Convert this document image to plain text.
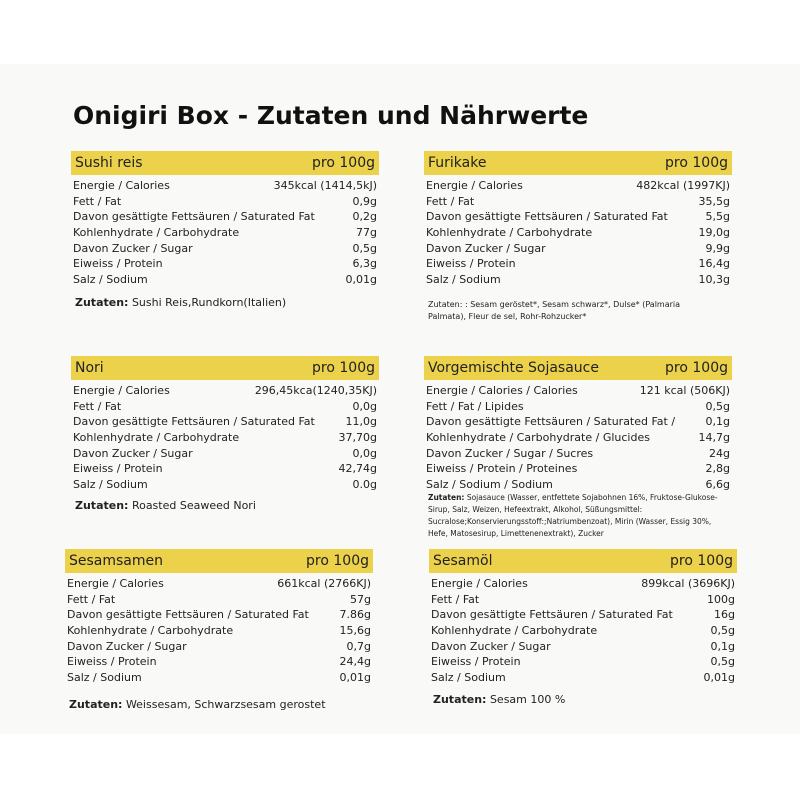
Onigiri Box - Zutaten und Nährwerte
Sushi reis	pro 100g
Energie / Calories	345kcal (1414,5kJ)
Fett / Fat	0,9g
Davon gesättigte Fettsäuren / Saturated Fat	0,2g
Kohlenhydrate / Carbohydrate	77g
Davon Zucker / Sugar	0,5g
Eiweiss / Protein	6,3g
Salz / Sodium	0,01g
Zutaten: Sushi Reis,Rundkorn(Italien)
Furikake	pro 100g
Energie / Calories	482kcal (1997KJ)
Fett / Fat	35,5g
Davon gesättigte Fettsäuren / Saturated Fat	5,5g
Kohlenhydrate / Carbohydrate	19,0g
Davon Zucker / Sugar	9,9g
Eiweiss / Protein	16,4g
Salz / Sodium	10,3g
Zutaten: : Sesam geröstet*, Sesam schwarz*, Dulse* (Palmaria Palmata), Fleur de sel, Rohr-Rohzucker*
Nori	pro 100g
Energie / Calories	296,45kca(1240,35KJ)
Fett / Fat	0,0g
Davon gesättigte Fettsäuren / Saturated Fat	11,0g
Kohlenhydrate / Carbohydrate	37,70g
Davon Zucker / Sugar	0,0g
Eiweiss / Protein	42,74g
Salz / Sodium	0.0g
Zutaten: Roasted Seaweed Nori
Vorgemischte Sojasauce	pro 100g
Energie / Calories / Calories	121 kcal (506KJ)
Fett / Fat / Lipides	0,5g
Davon gesättigte Fettsäuren / Saturated Fat /	0,1g
Kohlenhydrate / Carbohydrate / Glucides	14,7g
Davon Zucker / Sugar / Sucres	24g
Eiweiss / Protein / Proteines	2,8g
Salz / Sodium / Sodium	6,6g
Zutaten: Sojasauce (Wasser, entfettete Sojabohnen 16%, Fruktose-Glukose-Sirup, Salz, Weizen, Hefeextrakt, Alkohol, Süßungsmittel: Sucralose;Konservierungsstoff:;Natriumbenzoat), Mirin (Wasser, Essig 30%, Hefe, Matosesirup, Limettenenextrakt), Zucker
Sesamsamen	pro 100g
Energie / Calories	661kcal (2766KJ)
Fett / Fat	57g
Davon gesättigte Fettsäuren / Saturated Fat	7.86g
Kohlenhydrate / Carbohydrate	15,6g
Davon Zucker / Sugar	0,7g
Eiweiss / Protein	24,4g
Salz / Sodium	0,01g
Zutaten: Weissesam, Schwarzsesam gerostet
Sesamöl	pro 100g
Energie / Calories	899kcal (3696KJ)
Fett / Fat	100g
Davon gesättigte Fettsäuren / Saturated Fat	16g
Kohlenhydrate / Carbohydrate	0,5g
Davon Zucker / Sugar	0,1g
Eiweiss / Protein	0,5g
Salz / Sodium	0,01g
Zutaten: Sesam 100 %
